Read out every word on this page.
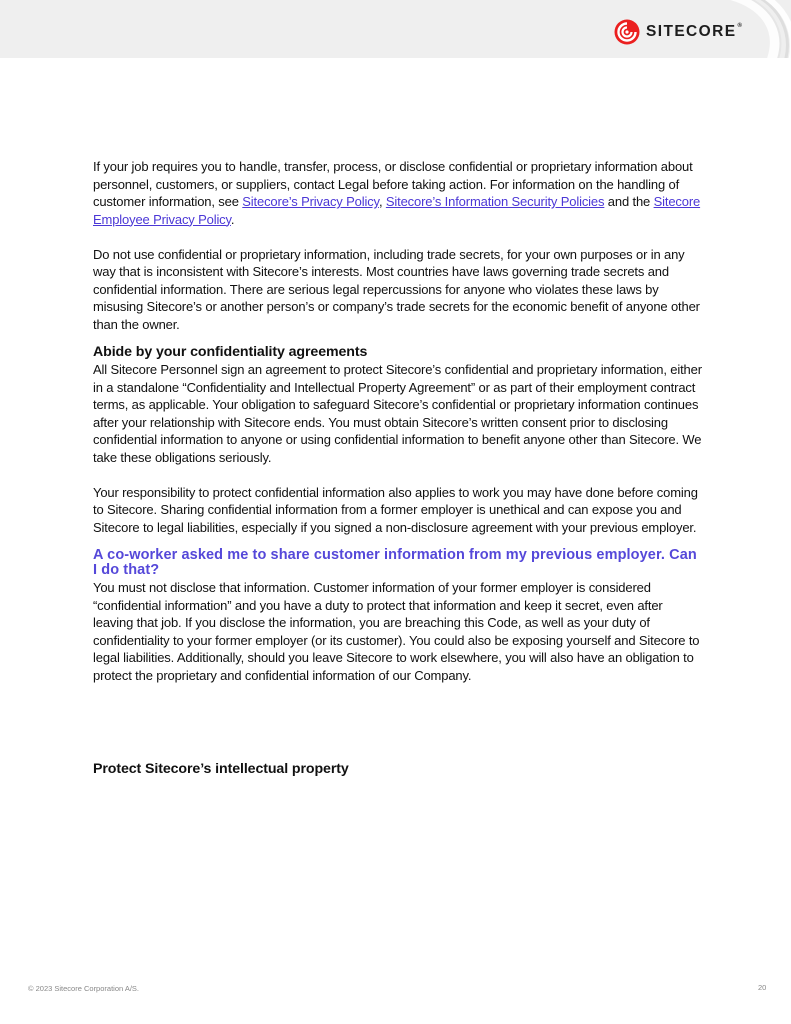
SITECORE®

If your job requires you to handle, transfer, process, or disclose confidential or proprietary information about personnel, customers, or suppliers, contact Legal before taking action. For information on the handling of customer information, see Sitecore’s Privacy Policy, Sitecore’s Information Security Policies and the Sitecore Employee Privacy Policy.

Do not use confidential or proprietary information, including trade secrets, for your own purposes or in any way that is inconsistent with Sitecore’s interests. Most countries have laws governing trade secrets and confidential information. There are serious legal repercussions for anyone who violates these laws by misusing Sitecore’s or another person’s or company’s trade secrets for the economic benefit of anyone other than the owner.

Abide by your confidentiality agreements

All Sitecore Personnel sign an agreement to protect Sitecore’s confidential and proprietary information, either in a standalone “Confidentiality and Intellectual Property Agreement” or as part of their employment contract terms, as applicable. Your obligation to safeguard Sitecore’s confidential or proprietary information continues after your relationship with Sitecore ends. You must obtain Sitecore’s written consent prior to disclosing confidential information to anyone or using confidential information to benefit anyone other than Sitecore. We take these obligations seriously.

Your responsibility to protect confidential information also applies to work you may have done before coming to Sitecore. Sharing confidential information from a former employer is unethical and can expose you and Sitecore to legal liabilities, especially if you signed a non-disclosure agreement with your previous employer.

A co-worker asked me to share customer information from my previous employer. Can I do that?

You must not disclose that information. Customer information of your former employer is considered “confidential information” and you have a duty to protect that information and keep it secret, even after leaving that job. If you disclose the information, you are breaching this Code, as well as your duty of confidentiality to your former employer (or its customer). You could also be exposing yourself and Sitecore to legal liabilities. Additionally, should you leave Sitecore to work elsewhere, you will also have an obligation to protect the proprietary and confidential information of our Company.

Protect Sitecore’s intellectual property
© 2023 Sitecore Corporation A/S.	20
